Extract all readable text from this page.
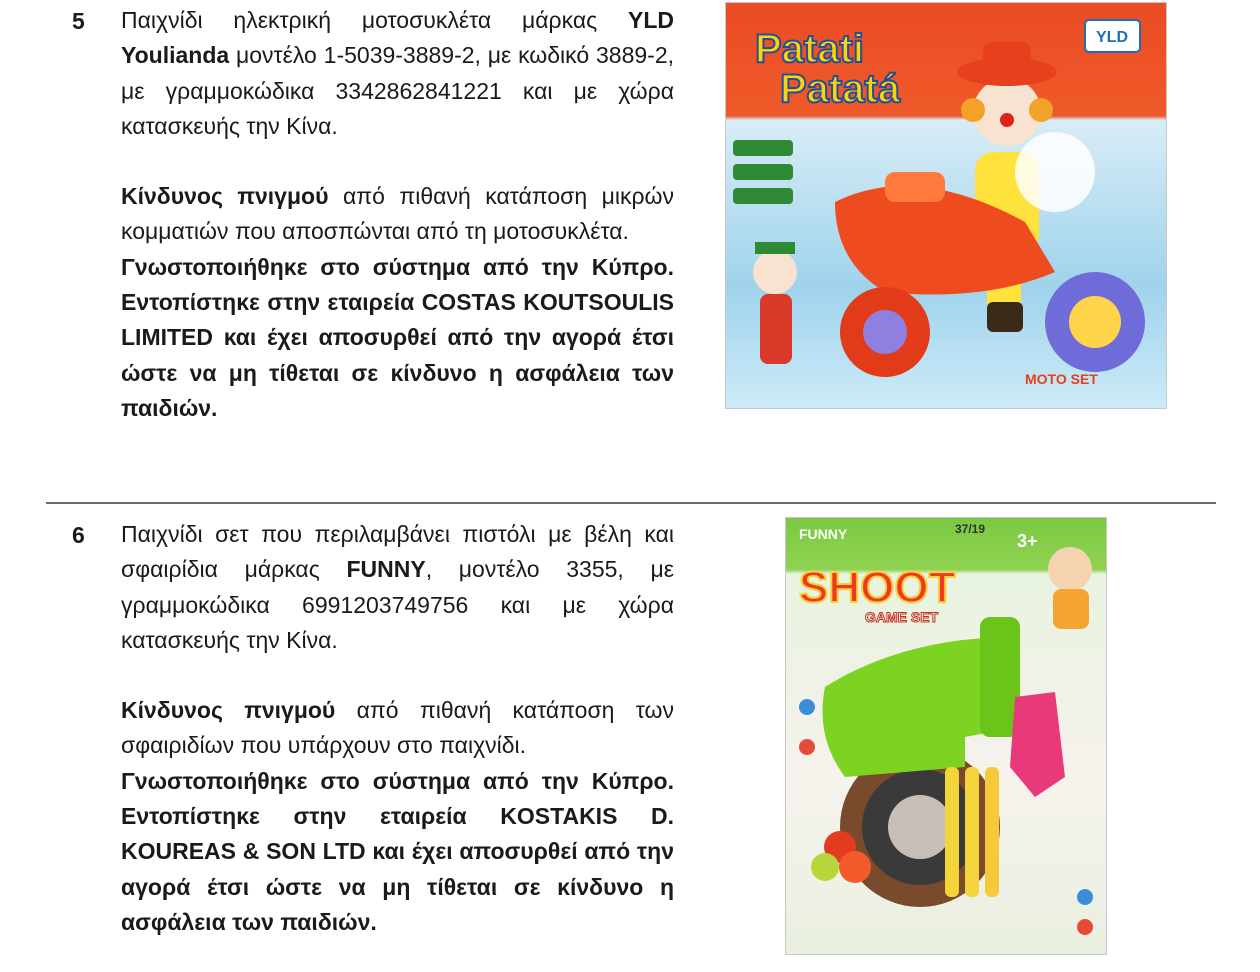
5 Παιχνίδι ηλεκτρική μοτοσυκλέτα μάρκας YLD Youlianda μοντέλο 1-5039-3889-2, με κωδικό 3889-2, με γραμμοκώδικα 3342862841221 και με χώρα κατασκευής την Κίνα.

Κίνδυνος πνιγμού από πιθανή κατάποση μικρών κομματιών που αποσπώνται από τη μοτοσυκλέτα.

Γνωστοποιήθηκε στο σύστημα από την Κύπρο. Εντοπίστηκε στην εταιρεία COSTAS KOUTSOULIS LIMITED και έχει αποσυρθεί από την αγορά έτσι ώστε να μη τίθεται σε κίνδυνο η ασφάλεια των παιδιών.

YLD
Patati
Patatá
MOTO SET
6 Παιχνίδι σετ που περιλαμβάνει πιστόλι με βέλη και σφαιρίδια μάρκας FUNNY, μοντέλο 3355, με γραμμοκώδικα 6991203749756 και με χώρα κατασκευής την Κίνα.

Κίνδυνος πνιγμού από πιθανή κατάποση των σφαιριδίων που υπάρχουν στο παιχνίδι.

Γνωστοποιήθηκε στο σύστημα από την Κύπρο. Εντοπίστηκε στην εταιρεία KOSTAKIS D. KOUREAS & SON LTD και έχει αποσυρθεί από την αγορά έτσι ώστε να μη τίθεται σε κίνδυνο η ασφάλεια των παιδιών.

FUNNY	37/19
3+
SHOOT
GAME SET
